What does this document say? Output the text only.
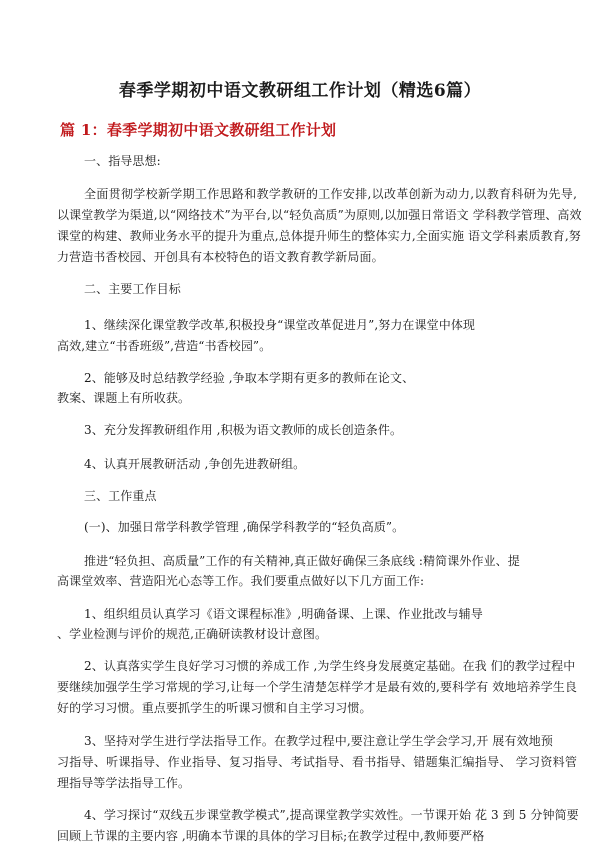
春季学期初中语文教研组工作计划（精选6篇）
篇 1：春季学期初中语文教研组工作计划
一、指导思想:
全面贯彻学校新学期工作思路和教学教研的工作安排,以改革创新为动力,以教育科研为先导,
以课堂教学为渠道,以“网络技术”为平台,以“轻负高质”为原则,以加强日常语文 学科教学管理、高效
课堂的构建、教师业务水平的提升为重点,总体提升师生的整体实力,全面实施 语文学科素质教育,努
力营造书香校园、开创具有本校特色的语文教育教学新局面。
二、主要工作目标
1、继续深化课堂教学改革,积极投身“课堂改革促进月”,努力在课堂中体现
高效,建立“书香班级”,营造“书香校园”。
2、能够及时总结教学经验 ,争取本学期有更多的教师在论文、
教案、课题上有所收获。
3、充分发挥教研组作用 ,积极为语文教师的成长创造条件。
4、认真开展教研活动 ,争创先进教研组。
三、工作重点
(一)、加强日常学科教学管理 ,确保学科教学的“轻负高质”。
推进“轻负担、高质量”工作的有关精神,真正做好确保三条底线 :精简课外作业、提
高课堂效率、营造阳光心态等工作。我们要重点做好以下几方面工作:
1、组织组员认真学习《语文课程标准》,明确备课、上课、作业批改与辅导
、学业检测与评价的规范,正确研读教材设计意图。
2、认真落实学生良好学习习惯的养成工作 ,为学生终身发展奠定基础。在我 们的教学过程中
要继续加强学生学习常规的学习,让每一个学生清楚怎样学才是最有效的,要科学有 效地培养学生良
好的学习习惯。重点要抓学生的听课习惯和自主学习习惯。
3、坚持对学生进行学法指导工作。在教学过程中,要注意让学生学会学习,开 展有效地预
习指导、听课指导、作业指导、复习指导、考试指导、看书指导、错题集汇编指导、 学习资料管
理指导等学法指导工作。
4、学习探讨“双线五步课堂教学模式”,提高课堂教学实效性。一节课开始 花 3 到 5 分钟简要
回顾上节课的主要内容 ,明确本节课的具体的学习目标;在教学过程中,教师要严格
